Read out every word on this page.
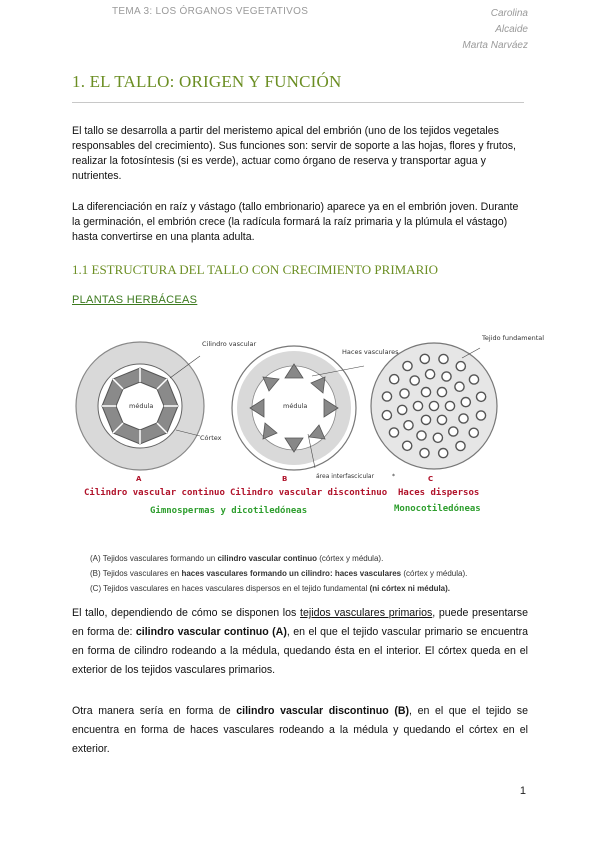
TEMA 3: LOS ÓRGANOS VEGETATIVOS	Carolina
Alcaide
Marta Narváez
1. EL TALLO: ORIGEN Y FUNCIÓN
El tallo se desarrolla a partir del meristemo apical del embrión (uno de los tejidos vegetales responsables del crecimiento). Sus funciones son: servir de soporte a las hojas, flores y frutos, realizar la fotosíntesis (si es verde), actuar como órgano de reserva y transportar agua y nutrientes.
La diferenciación en raíz y vástago (tallo embrionario) aparece ya en el embrión joven. Durante la germinación, el embrión crece (la radícula formará la raíz primaria y la plúmula el vástago) hasta convertirse en una planta adulta.
1.1 ESTRUCTURA DEL TALLO CON CRECIMIENTO PRIMARIO
PLANTAS HERBÁCEAS
Cilindro vascular
médula
Córtex
A
Haces vasculares
médula
B	área interfascicular	*
Tejido fundamental
C
Cilindro vascular continuo Cilindro vascular discontinuo Haces dispersos
Gimnospermas y dicotiledóneas	Monocotiledóneas
(A) Tejidos vasculares formando un cilindro vascular continuo (córtex y médula).
(B) Tejidos vasculares en haces vasculares formando un cilindro: haces vasculares (córtex y médula).
(C) Tejidos vasculares en haces vasculares dispersos en el tejido fundamental (ni córtex ni médula).
El tallo, dependiendo de cómo se disponen los tejidos vasculares primarios, puede presentarse en forma de: cilindro vascular continuo (A), en el que el tejido vascular primario se encuentra en forma de cilindro rodeando a la médula, quedando ésta en el interior. El córtex queda en el exterior de los tejidos vasculares primarios.
Otra manera sería en forma de cilindro vascular discontinuo (B), en el que el tejido se encuentra en forma de haces vasculares rodeando a la médula y quedando el córtex en el exterior.
1
